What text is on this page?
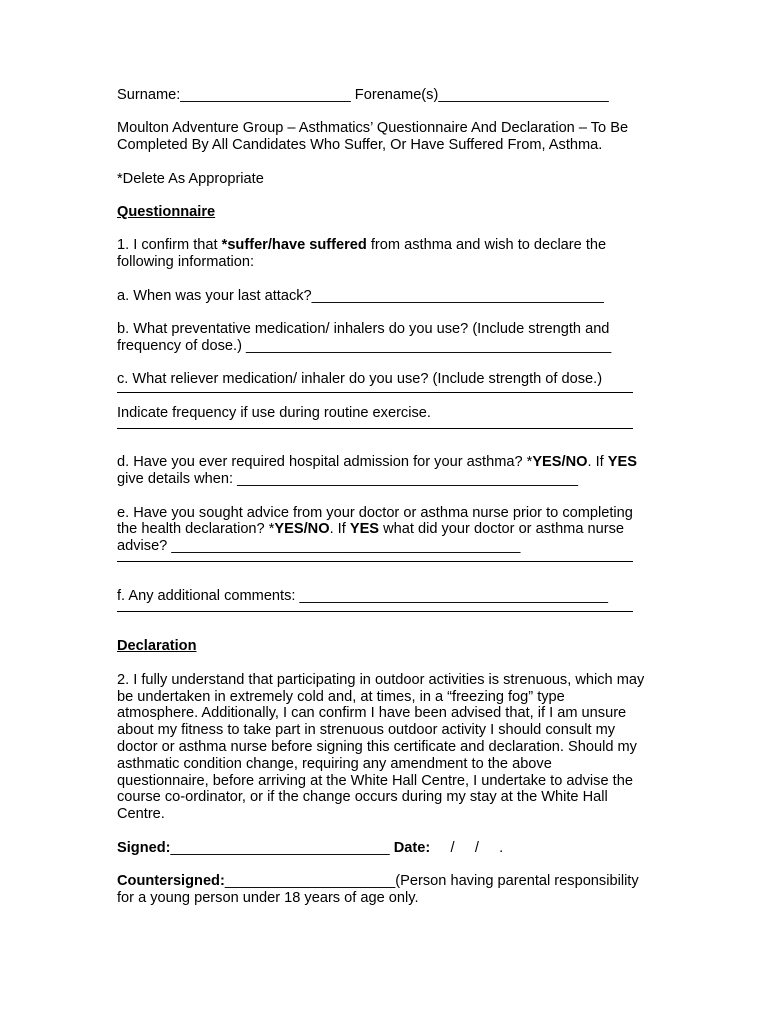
Surname:_____________________ Forename(s)_____________________

Moulton Adventure Group – Asthmatics’ Questionnaire And Declaration – To Be Completed By All Candidates Who Suffer, Or Have Suffered From, Asthma.

*Delete As Appropriate

Questionnaire

1. I confirm that *suffer/have suffered from asthma and wish to declare the following information:

a. When was your last attack?____________________________________

b. What preventative medication/ inhalers do you use? (Include strength and frequency of dose.) _____________________________________________

c. What reliever medication/ inhaler do you use? (Include strength of dose.)
Indicate frequency if use during routine exercise.

d. Have you ever required hospital admission for your asthma? *YES/NO. If YES give details when: __________________________________________

e. Have you sought advice from your doctor or asthma nurse prior to completing the health declaration? *YES/NO. If YES what did your doctor or asthma nurse advise? ___________________________________________
f. Any additional comments: ______________________________________

Declaration

2. I fully understand that participating in outdoor activities is strenuous, which may be undertaken in extremely cold and, at times, in a “freezing fog” type atmosphere. Additionally, I can confirm I have been advised that, if I am unsure about my fitness to take part in strenuous outdoor activity I should consult my doctor or asthma nurse before signing this certificate and declaration. Should my asthmatic condition change, requiring any amendment to the above questionnaire, before arriving at the White Hall Centre, I undertake to advise the course co-ordinator, or if the change occurs during my stay at the White Hall Centre.

Signed:___________________________ Date:     /     /     .

Countersigned:_____________________(Person having parental responsibility for a young person under 18 years of age only.
